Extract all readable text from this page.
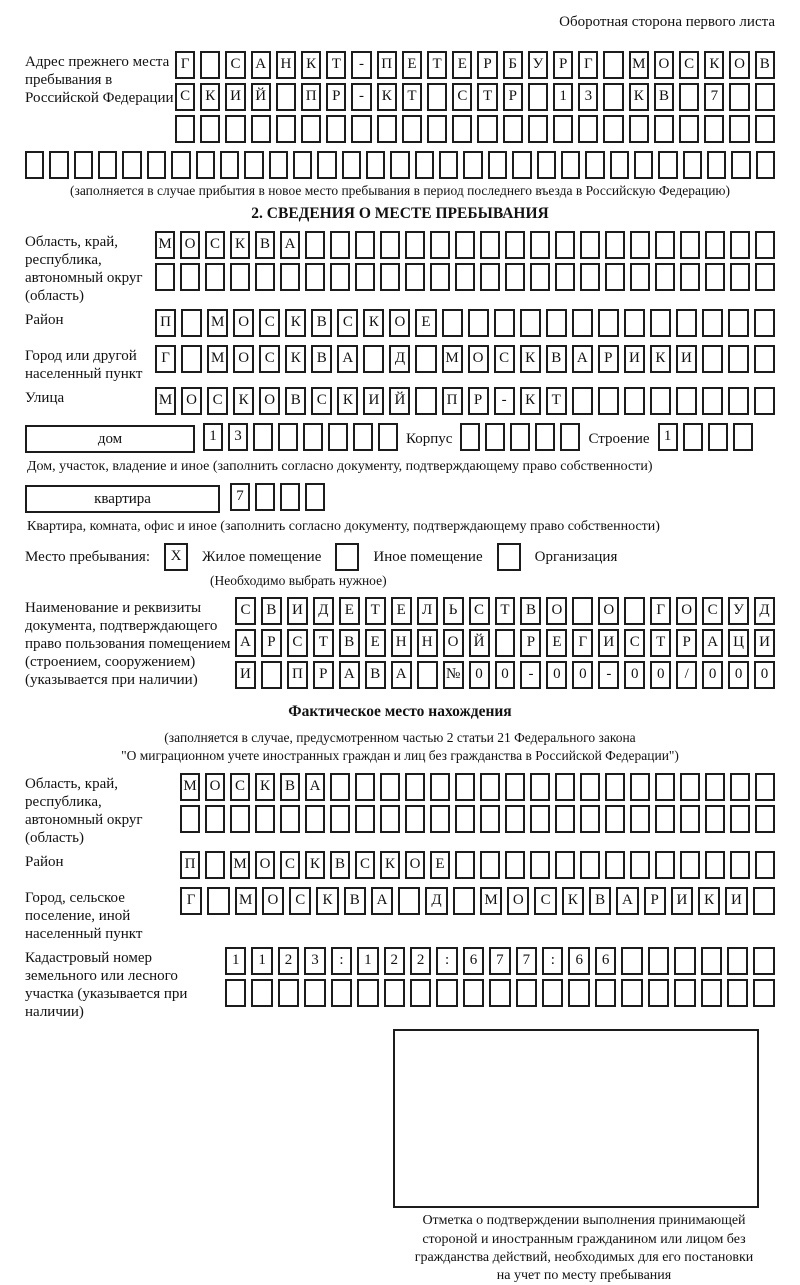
Оборотная сторона первого листа
Адрес прежнего места пребывания в Российской Федерации
Г	С А Н К	Т	-	П	Е	Т	Е	Р	Б	У	Р	Г	М О С	К О В
С	К И Й	П	Р	-	К	Т	С	Т	Р	1	3	К	В	7
(заполняется в случае прибытия в новое место пребывания в период последнего въезда в Российскую Федерацию)
2. СВЕДЕНИЯ О МЕСТЕ ПРЕБЫВАНИЯ
Область, край, республика, автономный округ (область)
М О С К В А
Район	П	М О	С	К	В	С	К	О	Е
Город или другой населенный пункт
Г	М О	С	К	В	А	Д	М О	С	К	В	А	Р	И	К	И
Улица	М О	С	К	О	В	С	К	И	Й	П	Р	-	К	Т
дом	1	3	Корпус	Строение 1
Дом, участок, владение и иное (заполнить согласно документу, подтверждающему право собственности)
квартира	7
Квартира, комната, офис и иное (заполнить согласно документу, подтверждающему право собственности)
Место пребывания:	X	Жилое помещение	Иное помещение	Организация
(Необходимо выбрать нужное)
Наименование и реквизиты документа, подтверждающего право пользования помещением (строением, сооружением) (указывается при наличии)
С	В	И	Д	Е	Т	Е	Л	Ь	С	Т	В	О	О	Г	О	С	У	Д
А	Р	С	Т	В	Е	Н	Н	О	Й	Р	Е	Г	И	С	Т	Р	А	Ц	И
И	П	Р	А	В	А	№	0	0	-	0	0	-	0	0	/	0	0	0
Фактическое место нахождения
(заполняется в случае, предусмотренном частью 2 статьи 21 Федерального закона
"О миграционном учете иностранных граждан и лиц без гражданства в Российской Федерации")
Область, край, республика, автономный округ (область)
М О С К В А
Район	П	М О С К В С К О Е
Город, сельское поселение, иной населенный пункт
Г	М	О	С	К	В	А	Д	М	О	С	К	В	А	Р	И	К	И
Кадастровый номер земельного или лесного участка (указывается при наличии)
1	1	2	3	:	1	2	2	:	6	7	7	:	6	6
Отметка о подтверждении выполнения принимающей
стороной и иностранным гражданином или лицом без
гражданства действий, необходимых для его постановки
на учет по месту пребывания
